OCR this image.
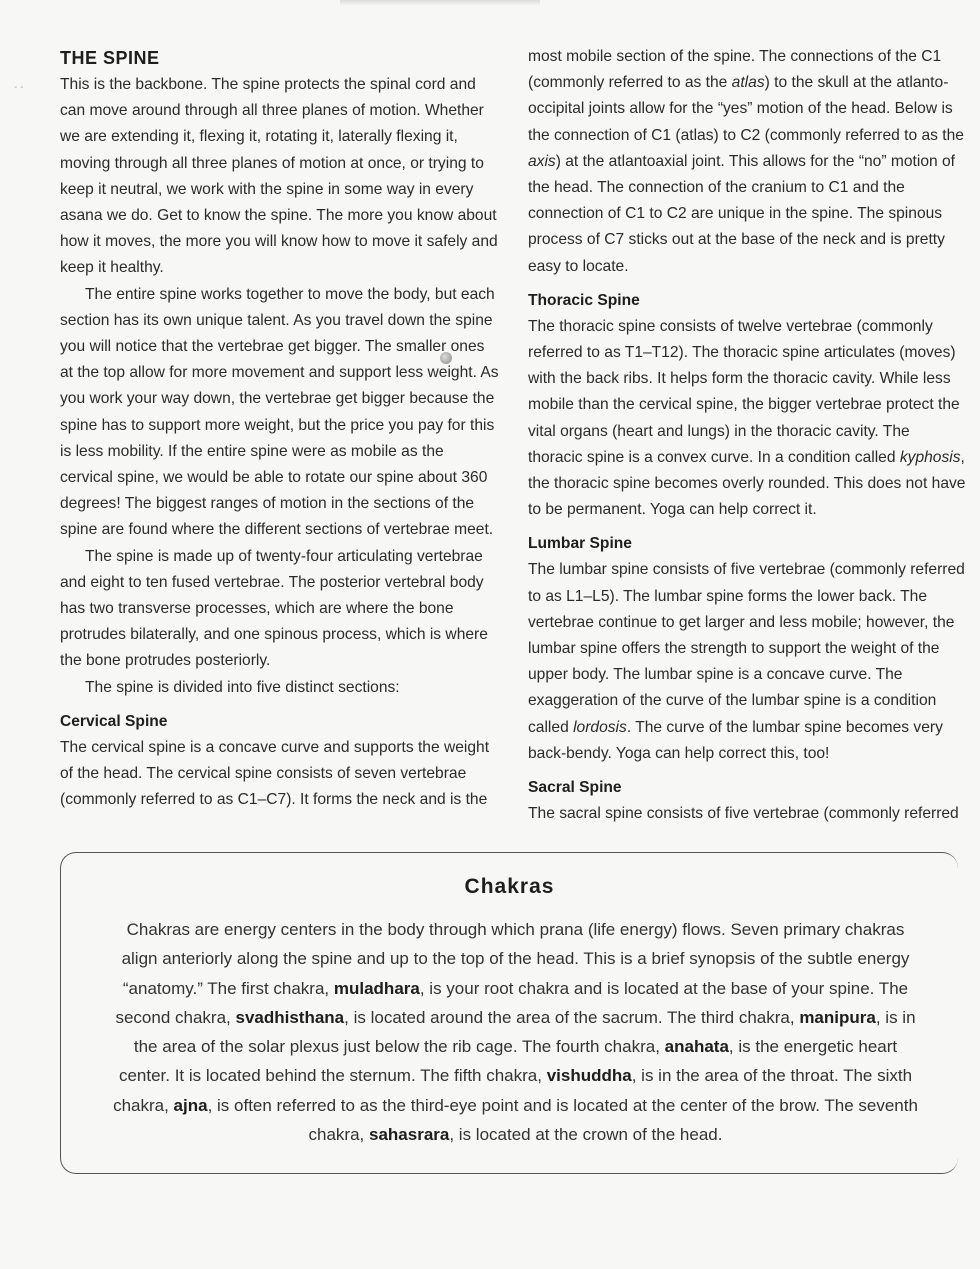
- -
THE SPINE

This is the backbone. The spine protects the spinal cord and can move around through all three planes of motion. Whether we are extending it, flexing it, rotating it, laterally flexing it, moving through all three planes of motion at once, or trying to keep it neutral, we work with the spine in some way in every asana we do. Get to know the spine. The more you know about how it moves, the more you will know how to move it safely and keep it healthy.

The entire spine works together to move the body, but each section has its own unique talent. As you travel down the spine you will notice that the vertebrae get bigger. The smaller ones at the top allow for more movement and support less weight. As you work your way down, the vertebrae get bigger because the spine has to support more weight, but the price you pay for this is less mobility. If the entire spine were as mobile as the cervical spine, we would be able to rotate our spine about 360 degrees! The biggest ranges of motion in the sections of the spine are found where the different sections of vertebrae meet.

The spine is made up of twenty-four articulating vertebrae and eight to ten fused vertebrae. The posterior vertebral body has two transverse processes, which are where the bone protrudes bilaterally, and one spinous process, which is where the bone protrudes posteriorly.

The spine is divided into five distinct sections:

Cervical Spine

The cervical spine is a concave curve and supports the weight of the head. The cervical spine consists of seven vertebrae (commonly referred to as C1–C7). It forms the neck and is the

most mobile section of the spine. The connections of the C1 (commonly referred to as the atlas) to the skull at the atlanto-occipital joints allow for the “yes” motion of the head. Below is the connection of C1 (atlas) to C2 (commonly referred to as the axis) at the atlantoaxial joint. This allows for the “no” motion of the head. The connection of the cranium to C1 and the connection of C1 to C2 are unique in the spine. The spinous process of C7 sticks out at the base of the neck and is pretty easy to locate.

Thoracic Spine

The thoracic spine consists of twelve vertebrae (commonly referred to as T1–T12). The thoracic spine articulates (moves) with the back ribs. It helps form the thoracic cavity. While less mobile than the cervical spine, the bigger vertebrae protect the vital organs (heart and lungs) in the thoracic cavity. The thoracic spine is a convex curve. In a condition called kyphosis, the thoracic spine becomes overly rounded. This does not have to be permanent. Yoga can help correct it.

Lumbar Spine

The lumbar spine consists of five vertebrae (commonly referred to as L1–L5). The lumbar spine forms the lower back. The vertebrae continue to get larger and less mobile; however, the lumbar spine offers the strength to support the weight of the upper body. The lumbar spine is a concave curve. The exaggeration of the curve of the lumbar spine is a condition called lordosis. The curve of the lumbar spine becomes very back-bendy. Yoga can help correct this, too!

Sacral Spine

The sacral spine consists of five vertebrae (commonly referred

Chakras
Chakras are energy centers in the body through which prana (life energy) flows. Seven primary chakras align anteriorly along the spine and up to the top of the head. This is a brief synopsis of the subtle energy “anatomy.” The first chakra, muladhara, is your root chakra and is located at the base of your spine. The second chakra, svadhisthana, is located around the area of the sacrum. The third chakra, manipura, is in the area of the solar plexus just below the rib cage. The fourth chakra, anahata, is the energetic heart center. It is located behind the sternum. The fifth chakra, vishuddha, is in the area of the throat. The sixth chakra, ajna, is often referred to as the third-eye point and is located at the center of the brow. The seventh chakra, sahasrara, is located at the crown of the head.
